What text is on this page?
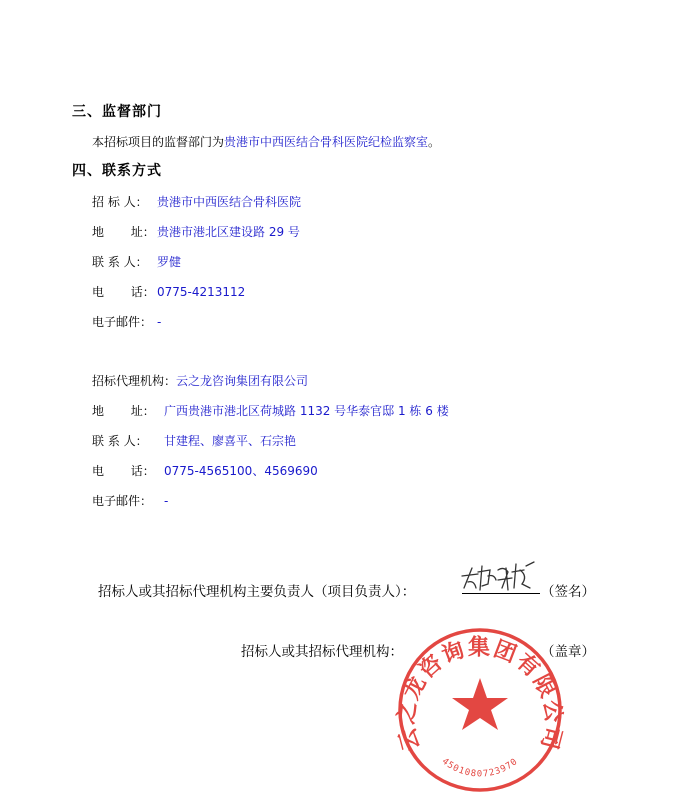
三、监督部门
本招标项目的监督部门为贵港市中西医结合骨科医院纪检监察室。
四、联系方式
招 标 人： 贵港市中西医结合骨科医院
地       址： 贵港市港北区建设路 29 号
联 系 人： 罗健
电       话： 0775-4213112
电子邮件： -
招标代理机构：云之龙咨询集团有限公司
地       址： 广西贵港市港北区荷城路 1132 号华泰官邸 1 栋 6 楼
联 系 人： 甘建程、廖喜平、石宗艳
电       话： 0775-4565100、4569690
电子邮件： -
招标人或其招标代理机构主要负责人（项目负责人）：	（签名）
招标人或其招标代理机构：	（盖章）
云之龙咨询集团有限公司
4501080723970
